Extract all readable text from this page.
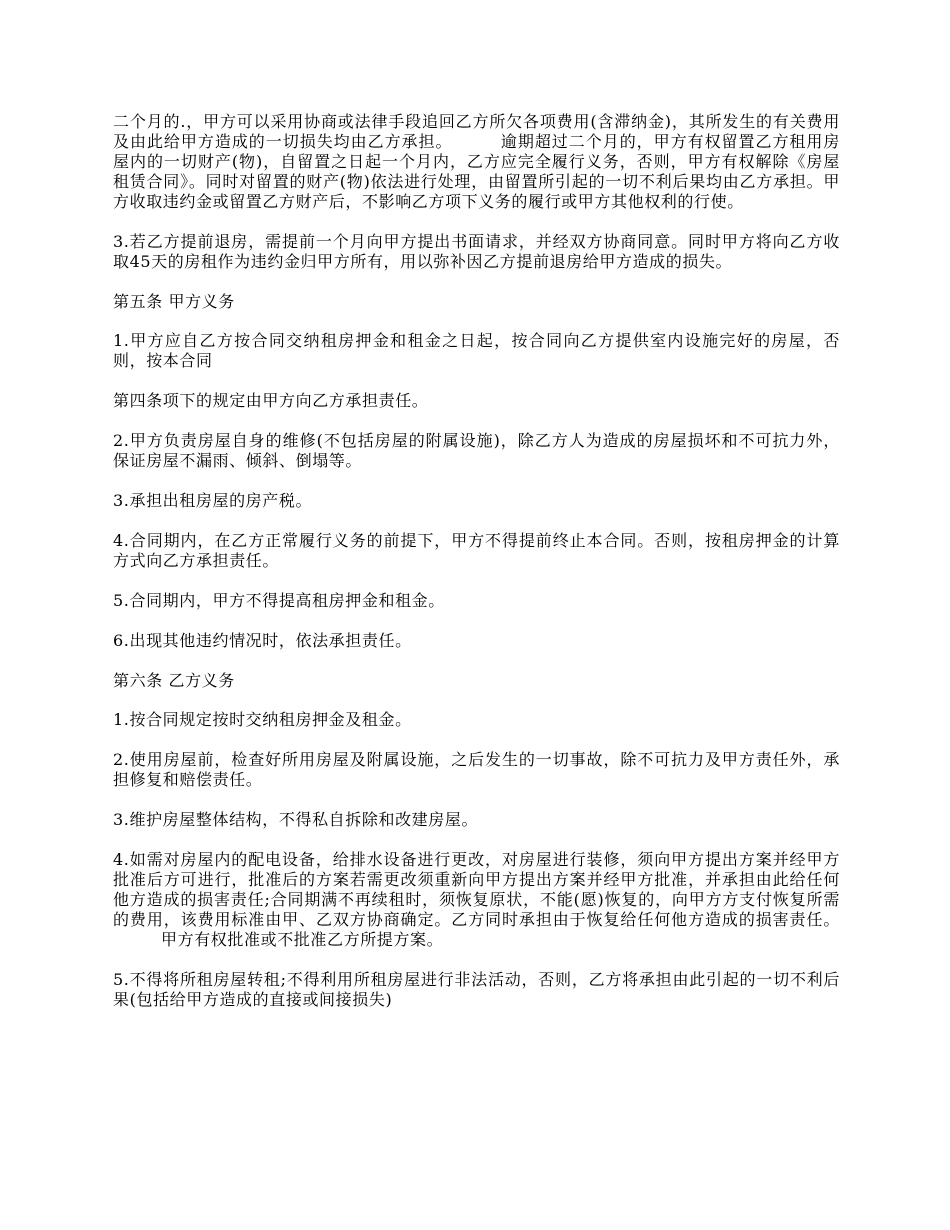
二个月的.，甲方可以采用协商或法律手段追回乙方所欠各项费用(含滞纳金)，其所发生的有关费用及由此给甲方造成的一切损失均由乙方承担。	逾期超过二个月的，甲方有权留置乙方租用房屋内的一切财产(物)，自留置之日起一个月内，乙方应完全履行义务，否则，甲方有权解除《房屋租赁合同》。同时对留置的财产(物)依法进行处理，由留置所引起的一切不利后果均由乙方承担。甲方收取违约金或留置乙方财产后，不影响乙方项下义务的履行或甲方其他权利的行使。

3.若乙方提前退房，需提前一个月向甲方提出书面请求，并经双方协商同意。同时甲方将向乙方收取45天的房租作为违约金归甲方所有，用以弥补因乙方提前退房给甲方造成的损失。

第五条 甲方义务

1.甲方应自乙方按合同交纳租房押金和租金之日起，按合同向乙方提供室内设施完好的房屋，否则，按本合同

第四条项下的规定由甲方向乙方承担责任。

2.甲方负责房屋自身的维修(不包括房屋的附属设施)，除乙方人为造成的房屋损坏和不可抗力外，保证房屋不漏雨、倾斜、倒塌等。

3.承担出租房屋的房产税。

4.合同期内，在乙方正常履行义务的前提下，甲方不得提前终止本合同。否则，按租房押金的计算方式向乙方承担责任。

5.合同期内，甲方不得提高租房押金和租金。

6.出现其他违约情况时，依法承担责任。

第六条 乙方义务

1.按合同规定按时交纳租房押金及租金。

2.使用房屋前，检查好所用房屋及附属设施，之后发生的一切事故，除不可抗力及甲方责任外，承担修复和赔偿责任。

3.维护房屋整体结构，不得私自拆除和改建房屋。

4.如需对房屋内的配电设备，给排水设备进行更改，对房屋进行装修，须向甲方提出方案并经甲方批准后方可进行，批准后的方案若需更改须重新向甲方提出方案并经甲方批准，并承担由此给任何他方造成的损害责任;合同期满不再续租时，须恢复原状，不能(愿)恢复的，向甲方方支付恢复所需的费用，该费用标准由甲、乙双方协商确定。乙方同时承担由于恢复给任何他方造成的损害责任。甲方有权批准或不批准乙方所提方案。

5.不得将所租房屋转租;不得利用所租房屋进行非法活动，否则，乙方将承担由此引起的一切不利后果(包括给甲方造成的直接或间接损失)
